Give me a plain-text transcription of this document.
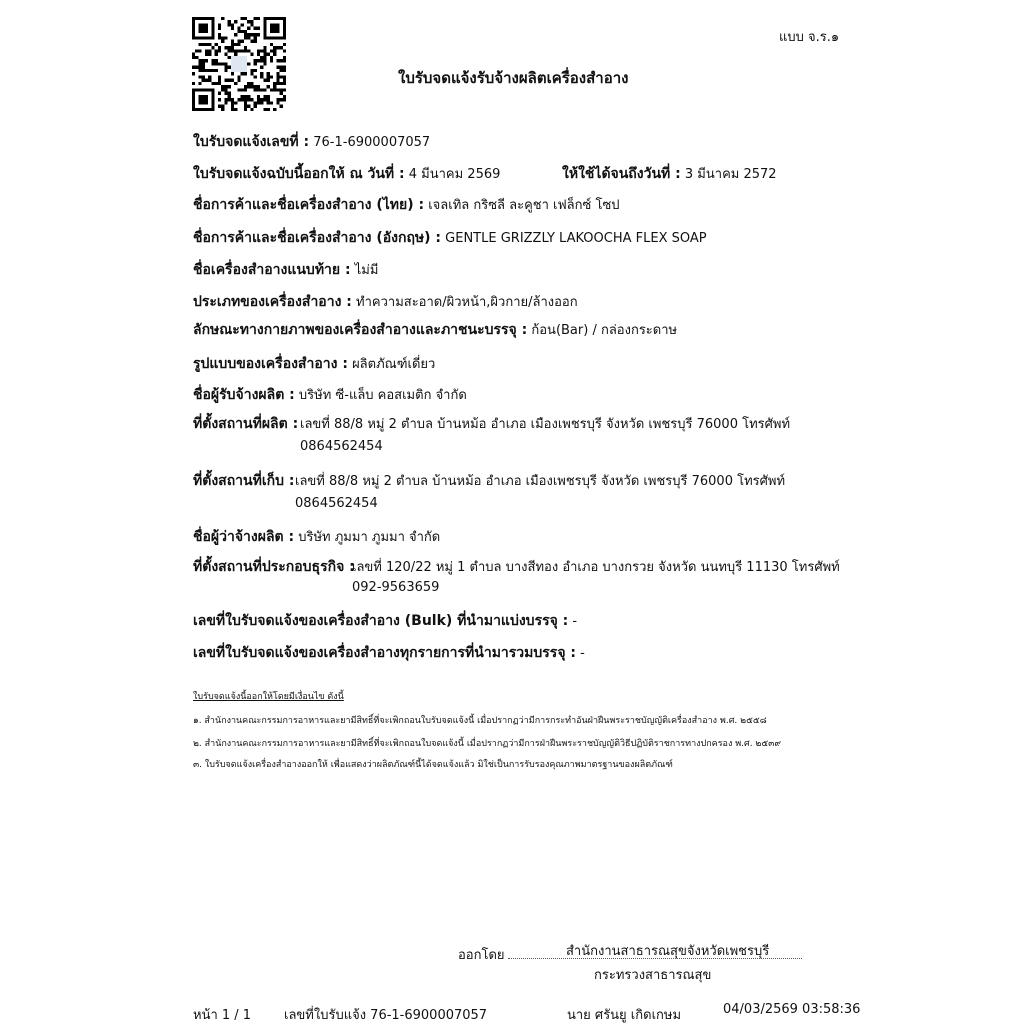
แบบ จ.ร.๑
ใบรับจดแจ้งรับจ้างผลิตเครื่องสำอาง
ใบรับจดแจ้งเลขที่ : 76-1-6900007057
ใบรับจดแจ้งฉบับนี้ออกให้ ณ วันที่ : 4 มีนาคม 2569	ให้ใช้ได้จนถึงวันที่ : 3 มีนาคม 2572
ชื่อการค้าและชื่อเครื่องสำอาง (ไทย) : เจลเทิล กริซลี ละคูชา เฟล็กซ์ โซป
ชื่อการค้าและชื่อเครื่องสำอาง (อังกฤษ) : GENTLE GRIZZLY LAKOOCHA FLEX SOAP
ชื่อเครื่องสำอางแนบท้าย : ไม่มี
ประเภทของเครื่องสำอาง : ทำความสะอาด/ผิวหน้า,ผิวกาย/ล้างออก
ลักษณะทางกายภาพของเครื่องสำอางและภาชนะบรรจุ : ก้อน(Bar) / กล่องกระดาษ
รูปแบบของเครื่องสำอาง : ผลิตภัณฑ์เดี่ยว
ชื่อผู้รับจ้างผลิต : บริษัท ซี-แล็บ คอสเมติก จำกัด
ที่ตั้งสถานที่ผลิต : เลขที่ 88/8 หมู่ 2 ตำบล บ้านหม้อ อำเภอ เมืองเพชรบุรี จังหวัด เพชรบุรี 76000 โทรศัพท์
0864562454
ที่ตั้งสถานที่เก็บ : เลขที่ 88/8 หมู่ 2 ตำบล บ้านหม้อ อำเภอ เมืองเพชรบุรี จังหวัด เพชรบุรี 76000 โทรศัพท์
0864562454
ชื่อผู้ว่าจ้างผลิต : บริษัท ภูมมา ภูมมา จำกัด
ที่ตั้งสถานที่ประกอบธุรกิจ :
เลขที่ 120/22 หมู่ 1 ตำบล บางสีทอง อำเภอ บางกรวย จังหวัด นนทบุรี 11130 โทรศัพท์
092-9563659
เลขที่ใบรับจดแจ้งของเครื่องสำอาง (Bulk) ที่นำมาแบ่งบรรจุ : -
เลขที่ใบรับจดแจ้งของเครื่องสำอางทุกรายการที่นำมารวมบรรจุ : -
ใบรับจดแจ้งนี้ออกให้โดยมีเงื่อนไข ดังนี้
๑. สำนักงานคณะกรรมการอาหารและยามีสิทธิ์ที่จะเพิกถอนใบรับจดแจ้งนี้ เมื่อปรากฏว่ามีการกระทำอันฝ่าฝืนพระราชบัญญัติเครื่องสำอาง พ.ศ. ๒๕๕๘
๒. สำนักงานคณะกรรมการอาหารและยามีสิทธิ์ที่จะเพิกถอนใบจดแจ้งนี้ เมื่อปรากฏว่ามีการฝ่าฝืนพระราชบัญญัติวิธีปฏิบัติราชการทางปกครอง พ.ศ. ๒๕๓๙
๓. ใบรับจดแจ้งเครื่องสำอางออกให้ เพื่อแสดงว่าผลิตภัณฑ์นี้ได้จดแจ้งแล้ว มิใช่เป็นการรับรองคุณภาพมาตรฐานของผลิตภัณฑ์
ออกโดย	สำนักงานสาธารณสุขจังหวัดเพชรบุรี
กระทรวงสาธารณสุข
หน้า 1 / 1	เลขที่ใบรับแจ้ง 76-1-6900007057	นาย ศรันยู เกิดเกษม	04/03/2569 03:58:36
